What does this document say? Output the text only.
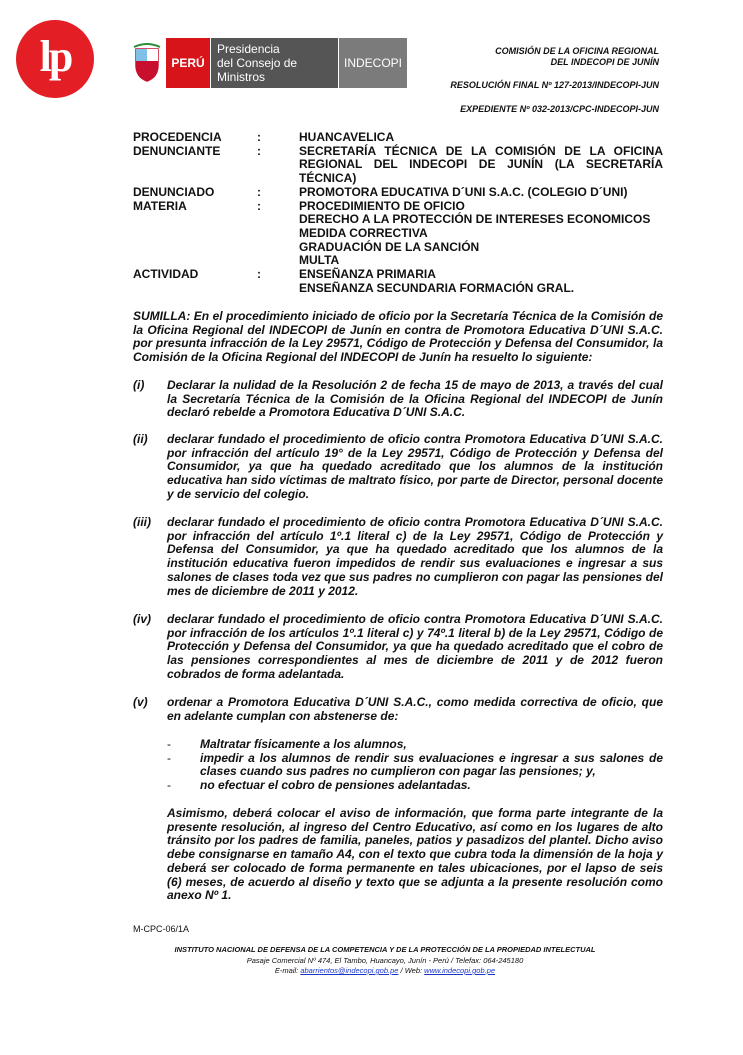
lp	PERÚ
Presidencia
del Consejo de Ministros
INDECOPI
COMISIÓN DE LA OFICINA REGIONAL
DEL INDECOPI DE JUNÍN
RESOLUCIÓN FINAL Nº 127-2013/INDECOPI-JUN
EXPEDIENTE Nº 032-2013/CPC-INDECOPI-JUN
PROCEDENCIA	:	HUANCAVELICA
DENUNCIANTE	:	SECRETARÍA TÉCNICA DE LA COMISIÓN DE LA OFICINA REGIONAL DEL INDECOPI DE JUNÍN (LA SECRETARÍA TÉCNICA)
DENUNCIADO	:	PROMOTORA EDUCATIVA D´UNI S.A.C. (COLEGIO D´UNI)
MATERIA	:	PROCEDIMIENTO DE OFICIO
DERECHO A LA PROTECCIÓN DE INTERESES ECONOMICOS
MEDIDA CORRECTIVA
GRADUACIÓN DE LA SANCIÓN
MULTA
ACTIVIDAD	:	ENSEÑANZA PRIMARIA
ENSEÑANZA SECUNDARIA FORMACIÓN GRAL.
SUMILLA: En el procedimiento iniciado de oficio por la Secretaría Técnica de la Comisión de la Oficina Regional del INDECOPI de Junín en contra de Promotora Educativa D´UNI S.A.C. por presunta infracción de la Ley 29571, Código de Protección y Defensa del Consumidor, la Comisión de la Oficina Regional del INDECOPI de Junín ha resuelto lo siguiente:
(i)	Declarar la nulidad de la Resolución 2 de fecha 15 de mayo de 2013, a través del cual la Secretaría Técnica de la Comisión de la Oficina Regional del INDECOPI de Junín declaró rebelde a Promotora Educativa D´UNI S.A.C.
(ii)	declarar fundado el procedimiento de oficio contra Promotora Educativa D´UNI S.A.C. por infracción del artículo 19° de la Ley 29571, Código de Protección y Defensa del Consumidor, ya que ha quedado acreditado que los alumnos de la institución educativa han sido víctimas de maltrato físico, por parte de Director, personal docente y de servicio del colegio.
(iii)	declarar fundado el procedimiento de oficio contra Promotora Educativa D´UNI S.A.C. por infracción del artículo 1º.1 literal c) de la Ley 29571, Código de Protección y Defensa del Consumidor, ya que ha quedado acreditado que los alumnos de la institución educativa fueron impedidos de rendir sus evaluaciones e ingresar a sus salones de clases toda vez que sus padres no cumplieron con pagar las pensiones del mes de diciembre de 2011 y 2012.
(iv)	declarar fundado el procedimiento de oficio contra Promotora Educativa D´UNI S.A.C. por infracción de los artículos 1º.1 literal c) y 74º.1 literal b) de la Ley 29571, Código de Protección y Defensa del Consumidor, ya que ha quedado acreditado que el cobro de las pensiones correspondientes al mes de diciembre de 2011 y de 2012 fueron cobrados de forma adelantada.
(v)	ordenar a Promotora Educativa D´UNI S.A.C., como medida correctiva de oficio, que en adelante cumplan con abstenerse de:
-	Maltratar físicamente a los alumnos,
-	impedir a los alumnos de rendir sus evaluaciones e ingresar a sus salones de clases cuando sus padres no cumplieron con pagar las pensiones; y,
-	no efectuar el cobro de pensiones adelantadas.
Asimismo, deberá colocar el aviso de información, que forma parte integrante de la presente resolución, al ingreso del Centro Educativo, así como en los lugares de alto tránsito por los padres de familia, paneles, patios y pasadizos del plantel. Dicho aviso debe consignarse en tamaño A4, con el texto que cubra toda la dimensión de la hoja y deberá ser colocado de forma permanente en tales ubicaciones, por el lapso de seis (6) meses, de acuerdo al diseño y texto que se adjunta a la presente resolución como anexo Nº 1.
M-CPC-06/1A
INSTITUTO NACIONAL DE DEFENSA DE LA COMPETENCIA Y DE LA PROTECCIÓN DE LA PROPIEDAD INTELECTUAL
Pasaje Comercial Nº 474, El Tambo, Huancayo, Junín - Perú / Telefax: 064-245180
E-mail: abarrientos@indecopi.gob.pe / Web: www.indecopi.gob.pe
